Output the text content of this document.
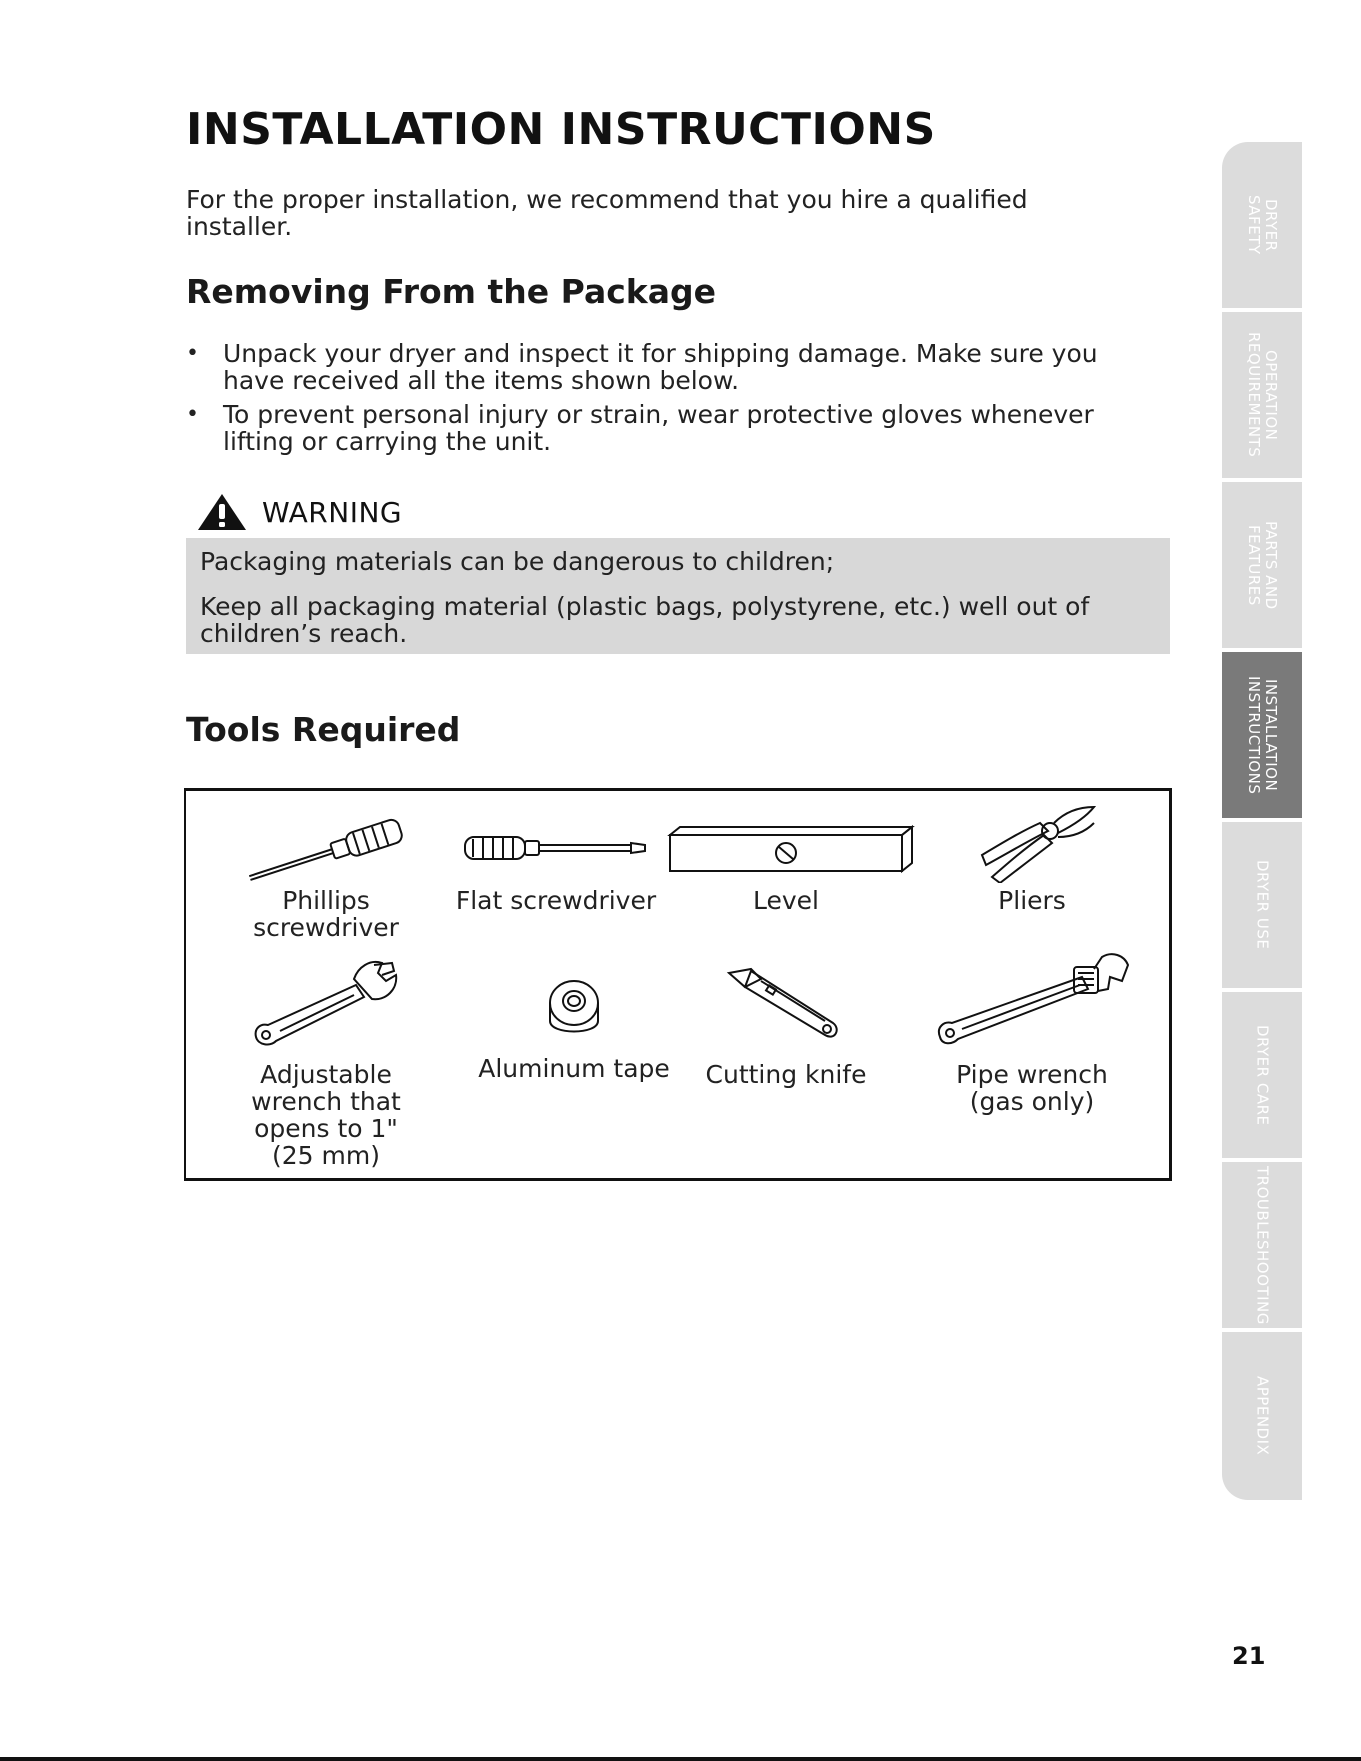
INSTALLATION INSTRUCTIONS

For the proper installation, we recommend that you hire a qualified installer.

Removing From the Package
• Unpack your dryer and inspect it for shipping damage. Make sure you have received all the items shown below.
• To prevent personal injury or strain, wear protective gloves whenever lifting or carrying the unit.
WARNING

Packaging materials can be dangerous to children;

Keep all packaging material (plastic bags, polystyrene, etc.) well out of children’s reach.

Tools Required
Phillips
screwdriver
Flat screwdriver	Level	Pliers
Adjustable
wrench that
opens to 1"
(25 mm)
Aluminum tape	Cutting knife	Pipe wrench
(gas only)
DRYER
SAFETY
OPERATION
REQUIREMENTS
PARTS AND
FEATURES
INSTALLATION
INSTRUCTIONS
DRYER USE
DRYER CARE
TROUBLESHOOTING
APPENDIX
21
